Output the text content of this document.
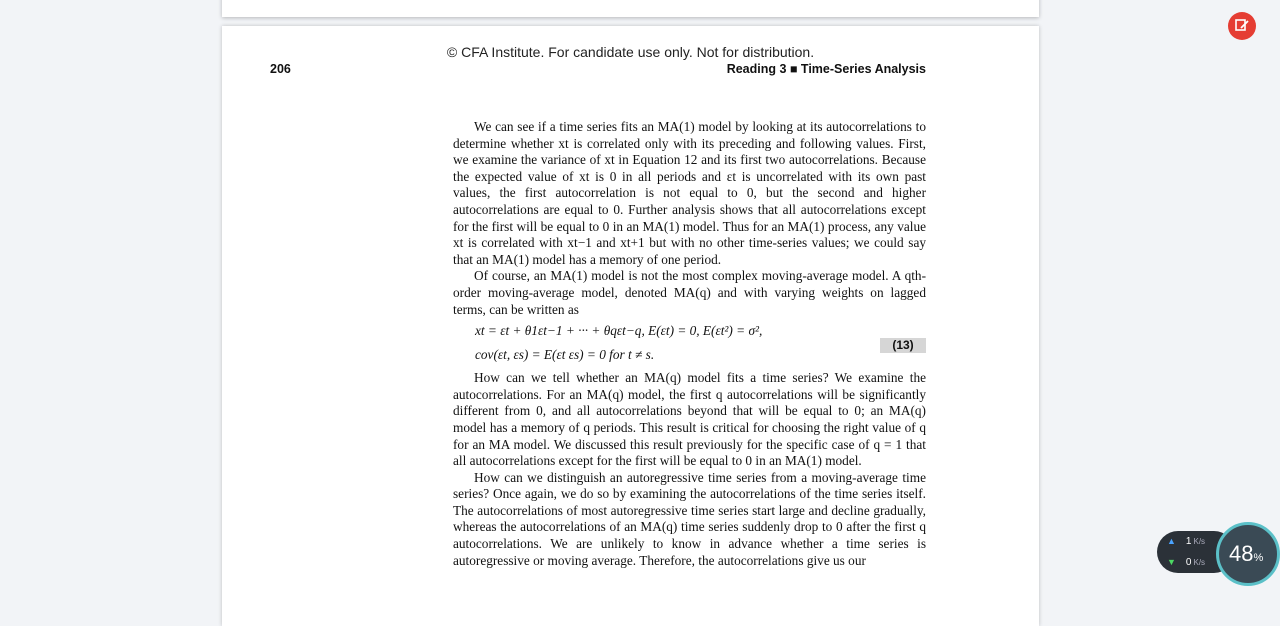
© CFA Institute. For candidate use only. Not for distribution.
206	Reading 3 ■ Time-Series Analysis

We can see if a time series fits an MA(1) model by looking at its autocorrelations to determine whether xt is correlated only with its preceding and following values. First, we examine the variance of xt in Equation 12 and its first two autocorrelations. Because the expected value of xt is 0 in all periods and εt is uncorrelated with its own past values, the first autocorrelation is not equal to 0, but the second and higher autocorrelations are equal to 0. Further analysis shows that all autocorrelations except for the first will be equal to 0 in an MA(1) model. Thus for an MA(1) process, any value xt is correlated with xt−1 and xt+1 but with no other time-series values; we could say that an MA(1) model has a memory of one period.

Of course, an MA(1) model is not the most complex moving-average model. A qth-order moving-average model, denoted MA(q) and with varying weights on lagged terms, can be written as

xt = εt + θ1εt−1 + ··· + θqεt−q, E(εt) = 0, E(εt²) = σ²,
cov(εt, εs) = E(εt εs) = 0 for t ≠ s.
(13)

How can we tell whether an MA(q) model fits a time series? We examine the autocorrelations. For an MA(q) model, the first q autocorrelations will be significantly different from 0, and all autocorrelations beyond that will be equal to 0; an MA(q) model has a memory of q periods. This result is critical for choosing the right value of q for an MA model. We discussed this result previously for the specific case of q = 1 that all autocorrelations except for the first will be equal to 0 in an MA(1) model.

How can we distinguish an autoregressive time series from a moving-average time series? Once again, we do so by examining the autocorrelations of the time series itself. The autocorrelations of most autoregressive time series start large and decline gradually, whereas the autocorrelations of an MA(q) time series suddenly drop to 0 after the first q autocorrelations. We are unlikely to know in advance whether a time series is autoregressive or moving average. Therefore, the autocorrelations give us our

▲ 1 K/s
▼ 0 K/s	48%
